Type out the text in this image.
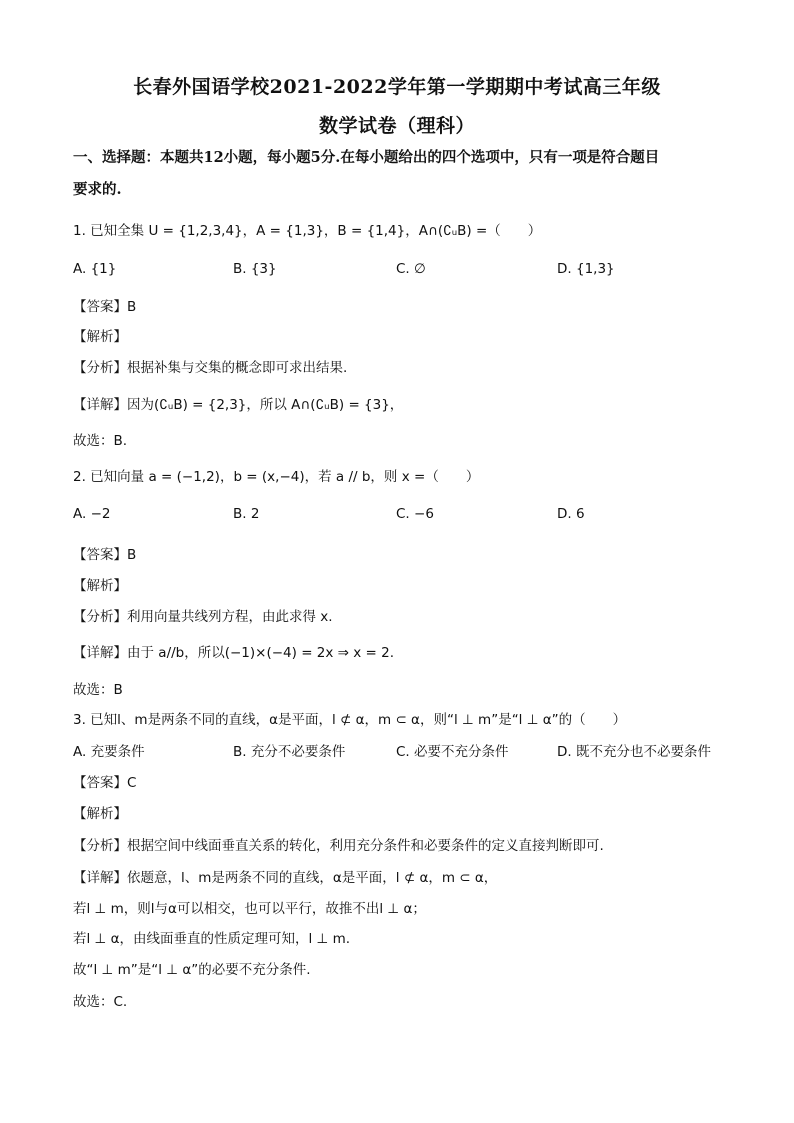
长春外国语学校2021-2022学年第一学期期中考试高三年级
数学试卷（理科）
一、选择题：本题共12小题，每小题5分.在每小题给出的四个选项中，只有一项是符合题目
要求的.
1. 已知全集 U = {1,2,3,4}，A = {1,3}，B = {1,4}，A∩(∁ᵤB) =（　　）
A. {1}	B. {3}	C. ∅	D. {1,3}
【答案】B
【解析】
【分析】根据补集与交集的概念即可求出结果.
【详解】因为(∁ᵤB) = {2,3}，所以 A∩(∁ᵤB) = {3}，
故选：B.
2. 已知向量 a = (−1,2)，b = (x,−4)，若 a // b，则 x =（　　）
A. −2	B. 2	C. −6	D. 6
【答案】B
【解析】
【分析】利用向量共线列方程，由此求得 x.
【详解】由于 a//b，所以(−1)×(−4) = 2x ⇒ x = 2.
故选：B
3. 已知l、m是两条不同的直线，α是平面，l ⊄ α，m ⊂ α，则“l ⊥ m”是“l ⊥ α”的（　　）
A. 充要条件	B. 充分不必要条件	C. 必要不充分条件	D. 既不充分也不必要条件
【答案】C
【解析】
【分析】根据空间中线面垂直关系的转化，利用充分条件和必要条件的定义直接判断即可.
【详解】依题意，l、m是两条不同的直线，α是平面，l ⊄ α，m ⊂ α，
若l ⊥ m，则l与α可以相交，也可以平行，故推不出l ⊥ α；
若l ⊥ α，由线面垂直的性质定理可知，l ⊥ m.
故“l ⊥ m”是“l ⊥ α”的必要不充分条件.
故选：C.
